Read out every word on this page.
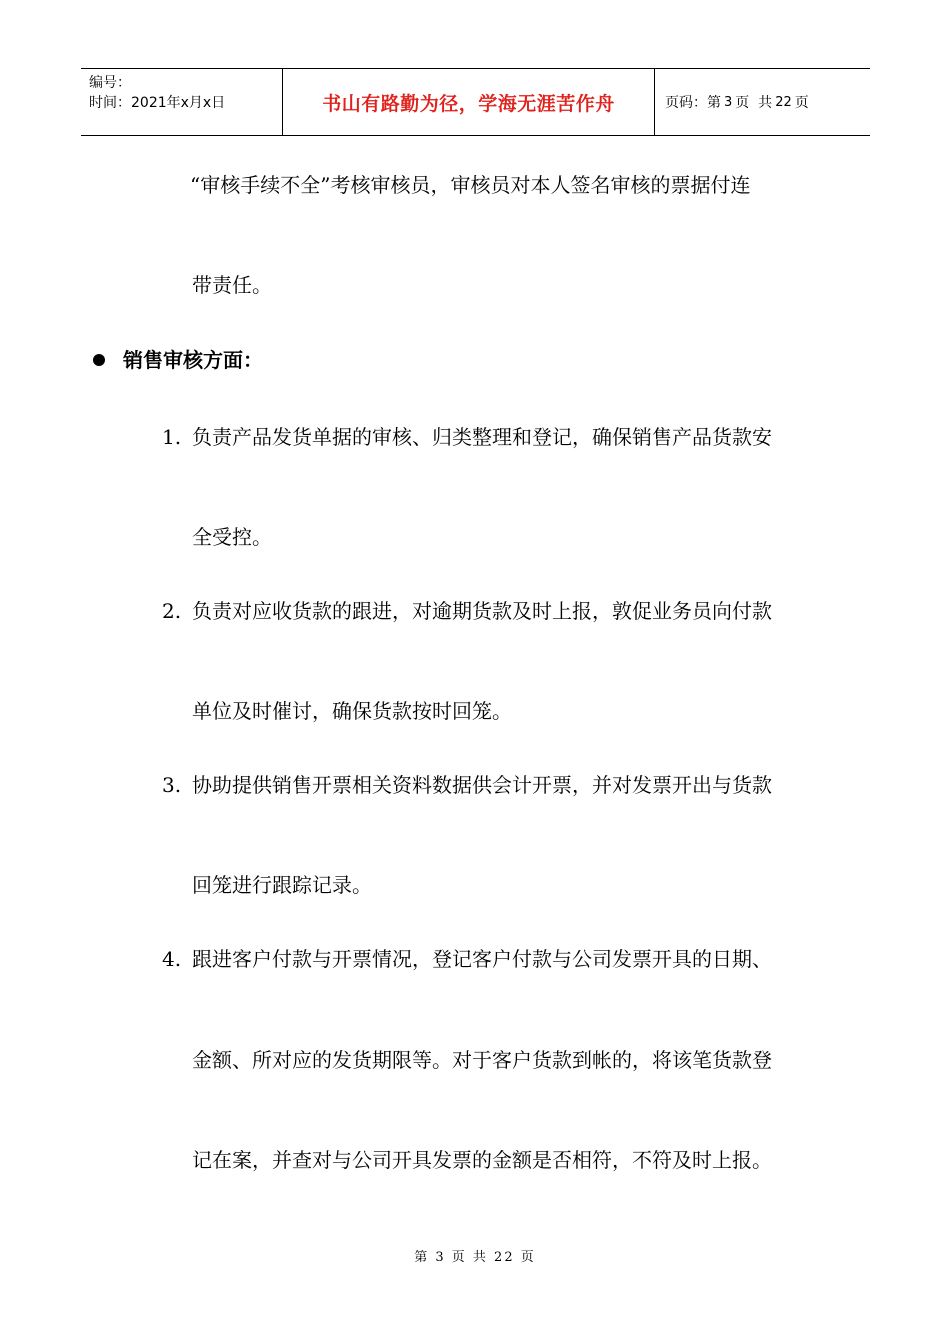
编号：
时间：2021年x月x日	书山有路勤为径，学海无涯苦作舟	页码：第 3 页  共 22 页
“审核手续不全”考核审核员，审核员对本人签名审核的票据付连
带责任。
销售审核方面：
1. 负责产品发货单据的审核、归类整理和登记，确保销售产品货款安
全受控。
2. 负责对应收货款的跟进，对逾期货款及时上报，敦促业务员向付款
单位及时催讨，确保货款按时回笼。
3. 协助提供销售开票相关资料数据供会计开票，并对发票开出与货款
回笼进行跟踪记录。
4. 跟进客户付款与开票情况，登记客户付款与公司发票开具的日期、
金额、所对应的发货期限等。对于客户货款到帐的，将该笔货款登
记在案，并查对与公司开具发票的金额是否相符，不符及时上报。
第 3 页 共 22 页
